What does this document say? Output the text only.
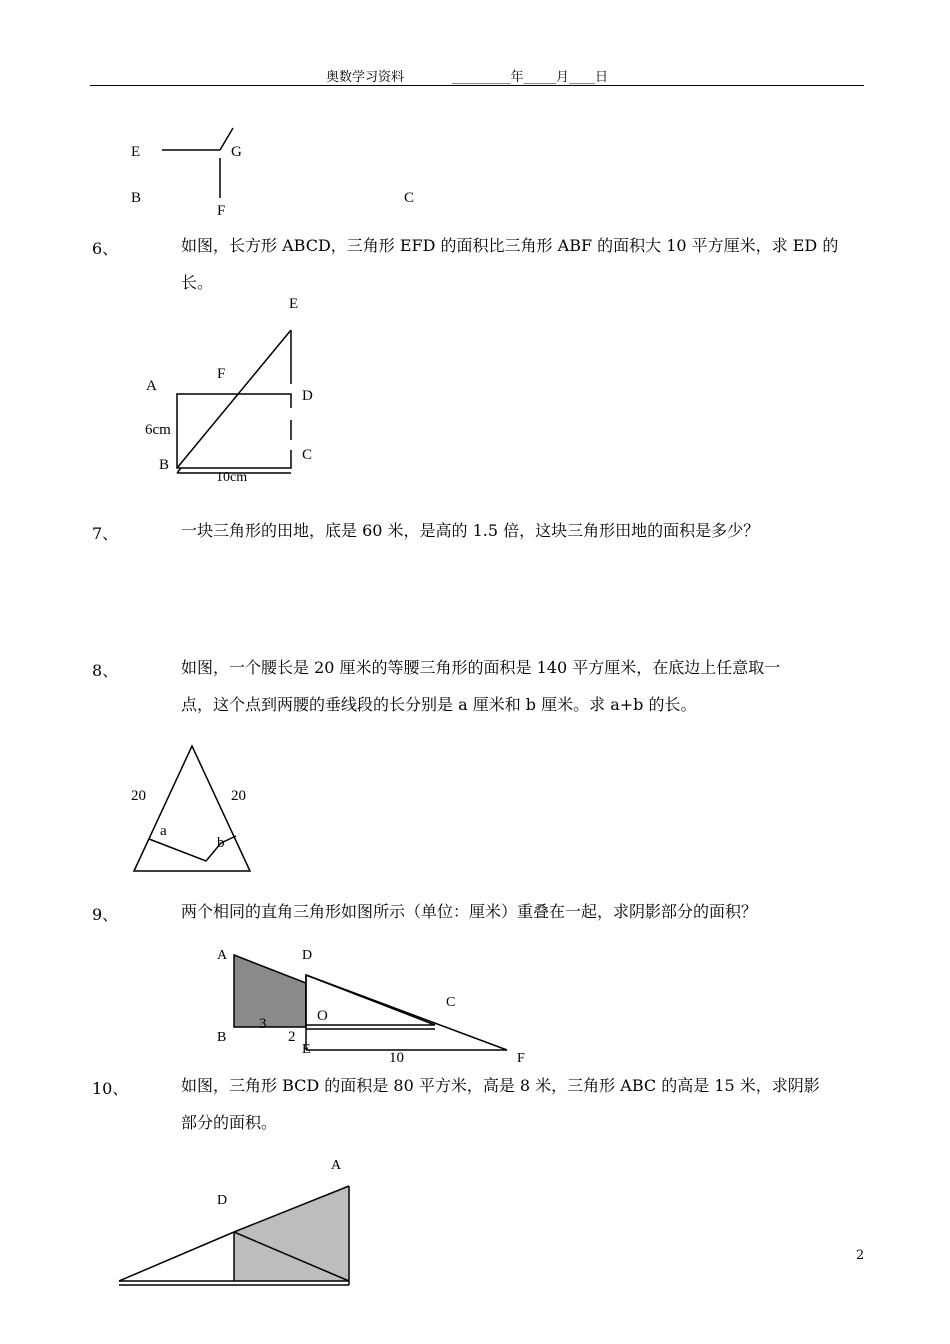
奥数学习资料	_________年_____月____日
E	G
B
F
C
6、	如图，长方形 ABCD，三角形 EFD 的面积比三角形 ABF 的面积大 10 平方厘米，求 ED 的
长。
E
F
A
D
6cm
C
B
10cm
7、	一块三角形的田地，底是 60 米，是高的 1.5 倍，这块三角形田地的面积是多少？
8、	如图，一个腰长是 20 厘米的等腰三角形的面积是 140 平方厘米，在底边上任意取一
点，这个点到两腰的垂线段的长分别是 a 厘米和 b 厘米。求 a+b 的长。
20	20
a
b
9、	两个相同的直角三角形如图所示（单位：厘米）重叠在一起，求阴影部分的面积？
A	D
C
O
B
3
2
E
10	F
10、	如图，三角形 BCD 的面积是 80 平方米，高是 8 米，三角形 ABC 的高是 15 米，求阴影
部分的面积。
A
D
2
